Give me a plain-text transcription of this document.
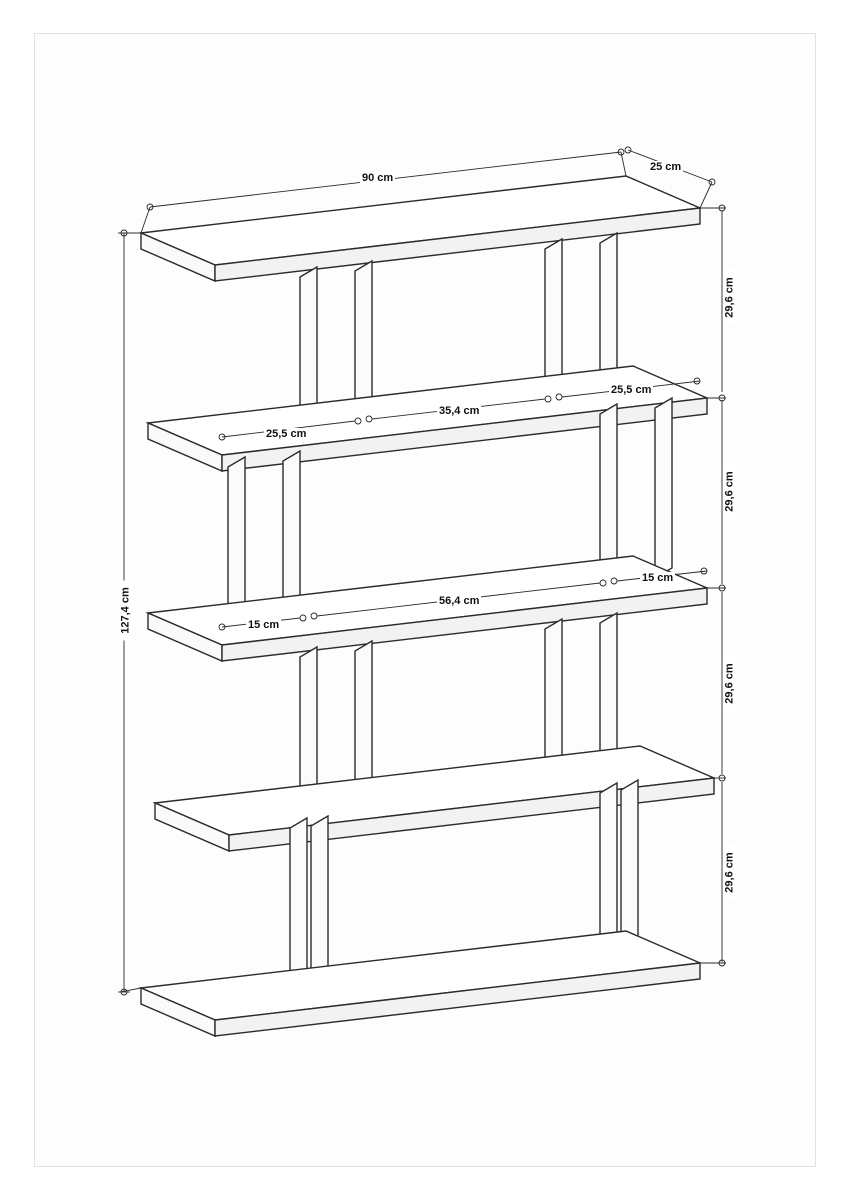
90 cm
25 cm
127,4 cm
29,6 cm
29,6 cm
29,6 cm
29,6 cm
25,5 cm
35,4 cm
25,5 cm
15 cm
56,4 cm
15 cm
